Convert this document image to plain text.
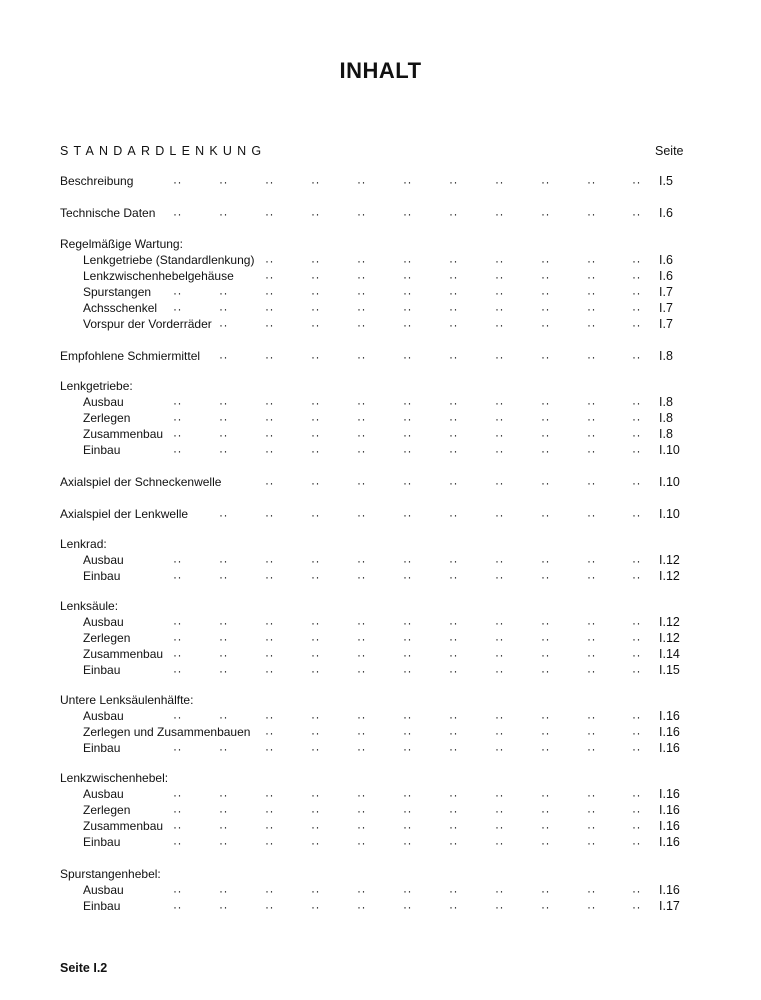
INHALT
STANDARDLENKUNG	Seite
Beschreibung	··	··	··	··	··	··	··	··	··	··	·· I.5
Technische Daten ··	··	··	··	··	··	··	··	··	··	·· I.6
Regelmäßige Wartung:
Lenkgetriebe (Standardlenkung) ··	··	··	··	··	··	··	··	·· I.6
Lenkzwischenhebelgehäuse	··	··	··	··	··	··	··	··	·· I.6
Spurstangen ··	··	··	··	··	··	··	··	··	··	·· I.7
Achsschenkel ··	··	··	··	··	··	··	··	··	··	·· I.7
Vorspur der Vorderräder ··	··	··	··	··	··	··	··	··	·· I.7
Empfohlene Schmiermittel ··	··	··	··	··	··	··	··	··	·· I.8
Lenkgetriebe:
Ausbau	··	··	··	··	··	··	··	··	··	··	·· I.8
Zerlegen	··	··	··	··	··	··	··	··	··	··	·· I.8
Zusammenbau ··	··	··	··	··	··	··	··	··	··	·· I.8
Einbau	··	··	··	··	··	··	··	··	··	··	·· I.10
Axialspiel der Schneckenwelle	··	··	··	··	··	··	··	··	·· I.10
Axialspiel der Lenkwelle	··	··	··	··	··	··	··	··	··	·· I.10
Lenkrad:
Ausbau	··	··	··	··	··	··	··	··	··	··	·· I.12
Einbau	··	··	··	··	··	··	··	··	··	··	·· I.12
Lenksäule:
Ausbau	··	··	··	··	··	··	··	··	··	··	·· I.12
Zerlegen	··	··	··	··	··	··	··	··	··	··	·· I.12
Zusammenbau ··	··	··	··	··	··	··	··	··	··	·· I.14
Einbau	··	··	··	··	··	··	··	··	··	··	·· I.15
Untere Lenksäulenhälfte:
Ausbau	··	··	··	··	··	··	··	··	··	··	·· I.16
Zerlegen und Zusammenbauen ··	··	··	··	··	··	··	··	·· I.16
Einbau	··	··	··	··	··	··	··	··	··	··	·· I.16
Lenkzwischenhebel:
Ausbau	··	··	··	··	··	··	··	··	··	··	·· I.16
Zerlegen	··	··	··	··	··	··	··	··	··	··	·· I.16
Zusammenbau ··	··	··	··	··	··	··	··	··	··	·· I.16
Einbau	··	··	··	··	··	··	··	··	··	··	·· I.16
Spurstangenhebel:
Ausbau	··	··	··	··	··	··	··	··	··	··	·· I.16
Einbau	··	··	··	··	··	··	··	··	··	··	·· I.17
Seite I.2
